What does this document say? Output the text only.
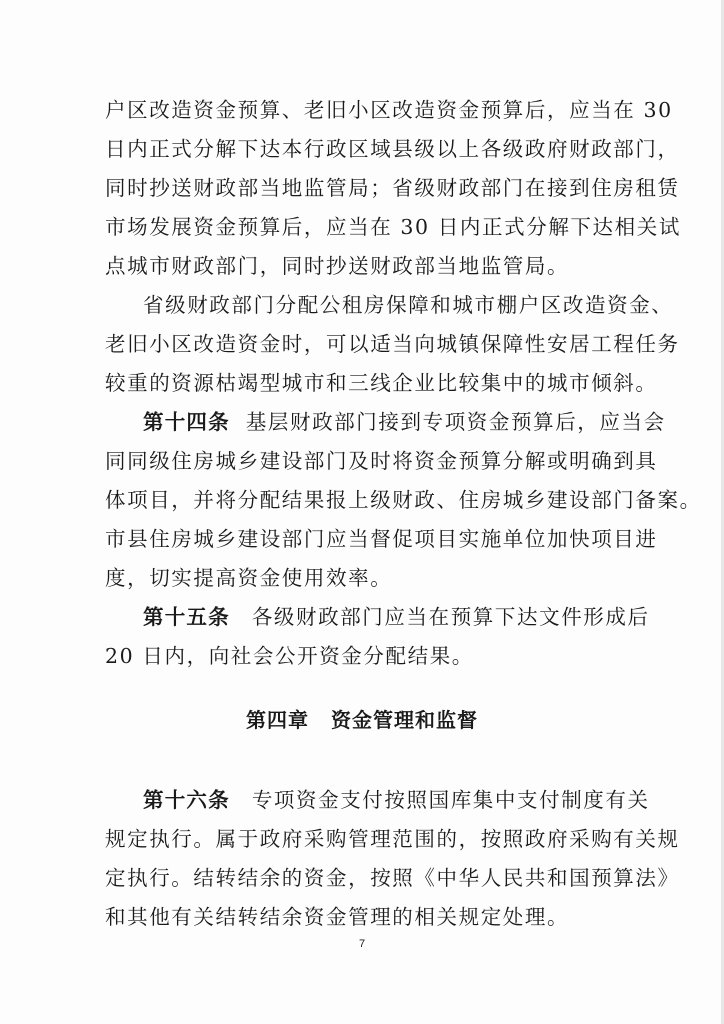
户区改造资金预算、老旧小区改造资金预算后，应当在 30
日内正式分解下达本行政区域县级以上各级政府财政部门，
同时抄送财政部当地监管局；省级财政部门在接到住房租赁
市场发展资金预算后，应当在 30 日内正式分解下达相关试
点城市财政部门，同时抄送财政部当地监管局。
省级财政部门分配公租房保障和城市棚户区改造资金、
老旧小区改造资金时，可以适当向城镇保障性安居工程任务
较重的资源枯竭型城市和三线企业比较集中的城市倾斜。
第十四条 基层财政部门接到专项资金预算后，应当会
同同级住房城乡建设部门及时将资金预算分解或明确到具
体项目，并将分配结果报上级财政、住房城乡建设部门备案。
市县住房城乡建设部门应当督促项目实施单位加快项目进
度，切实提高资金使用效率。
第十五条 各级财政部门应当在预算下达文件形成后
20 日内，向社会公开资金分配结果。
第四章 资金管理和监督
第十六条 专项资金支付按照国库集中支付制度有关
规定执行。属于政府采购管理范围的，按照政府采购有关规
定执行。结转结余的资金，按照《中华人民共和国预算法》
和其他有关结转结余资金管理的相关规定处理。
7
